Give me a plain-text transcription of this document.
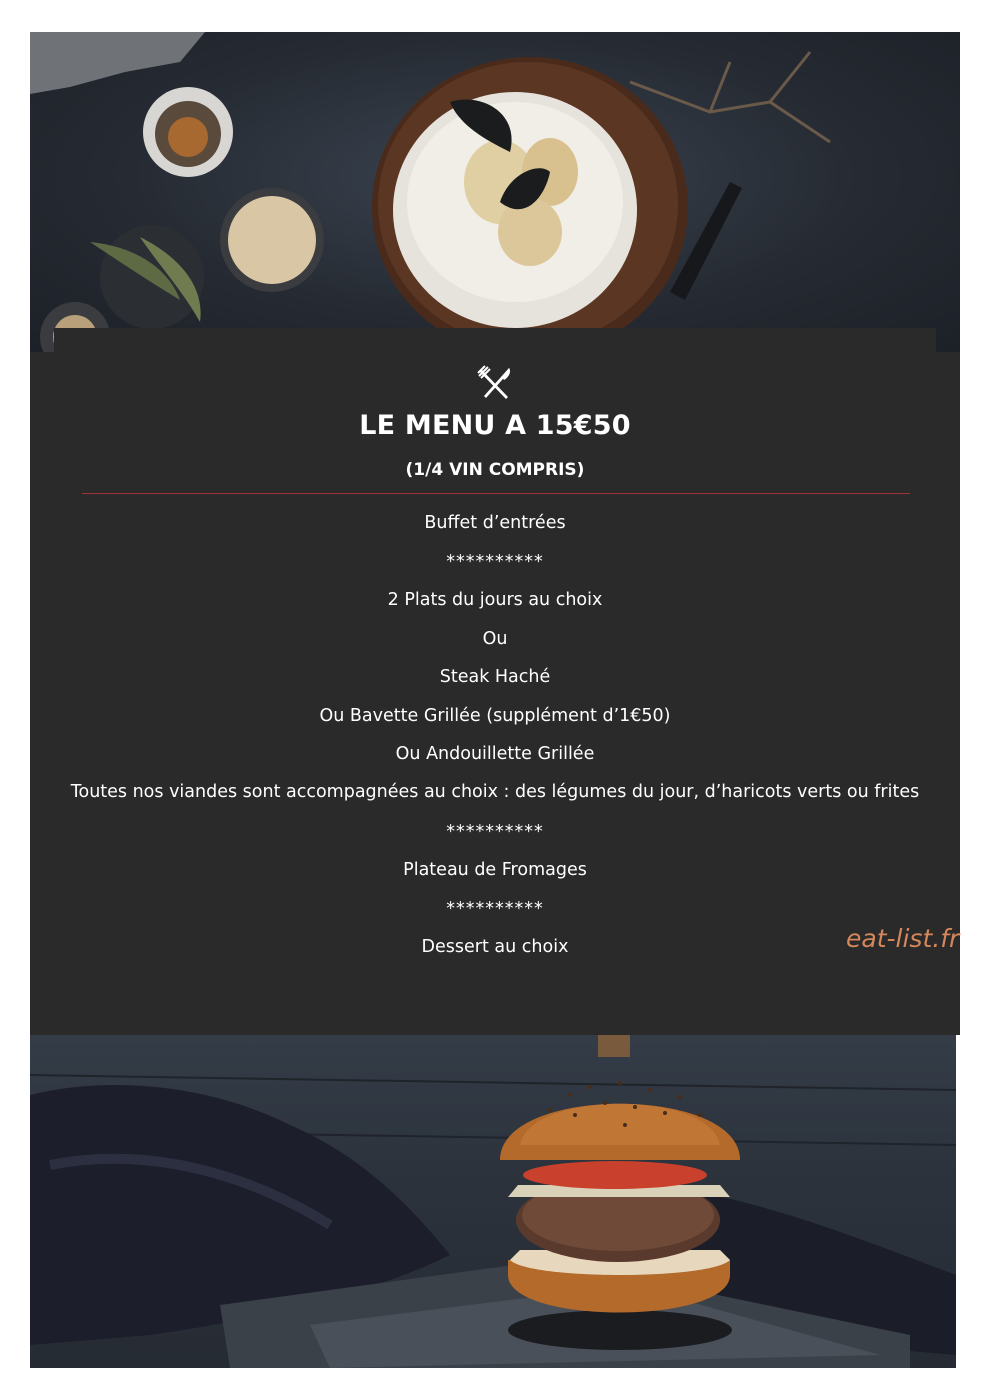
LE MENU A 15€50
(1/4 VIN COMPRIS)
Buffet d’entrées
**********
2 Plats du jours au choix
Ou
Steak Haché
Ou Bavette Grillée (supplément d’1€50)
Ou Andouillette Grillée
Toutes nos viandes sont accompagnées au choix : des légumes du jour, d’haricots verts ou frites
**********
Plateau de Fromages
**********
Dessert au choix	eat-list.fr
